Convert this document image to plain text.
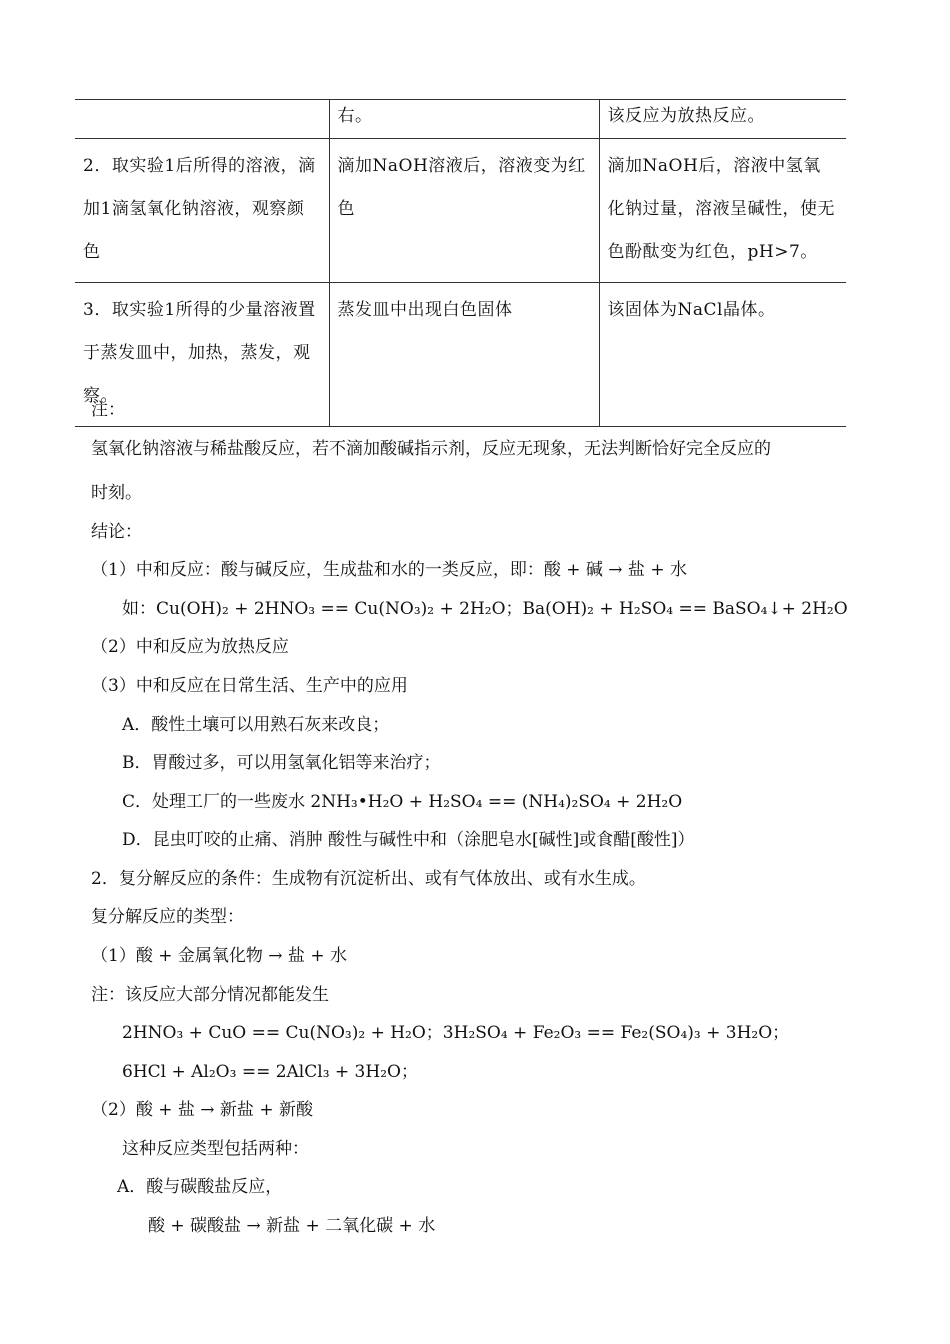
	右。	该反应为放热反应。
2．取实验1后所得的溶液，滴加1滴氢氧化钠溶液，观察颜色	滴加NaOH溶液后，溶液变为红色	滴加NaOH后，溶液中氢氧化钠过量，溶液呈碱性，使无色酚酞变为红色，pH>7。
3．取实验1所得的少量溶液置于蒸发皿中，加热，蒸发，观察。	蒸发皿中出现白色固体	该固体为NaCl晶体。
注：
氢氧化钠溶液与稀盐酸反应，若不滴加酸碱指示剂，反应无现象，无法判断恰好完全反应的
时刻。
结论：
（1）中和反应：酸与碱反应，生成盐和水的一类反应，即：酸 + 碱 → 盐 + 水
如：Cu(OH)₂ + 2HNO₃ == Cu(NO₃)₂ + 2H₂O；Ba(OH)₂ + H₂SO₄ == BaSO₄↓+ 2H₂O
（2）中和反应为放热反应
（3）中和反应在日常生活、生产中的应用
A．酸性土壤可以用熟石灰来改良；
B．胃酸过多，可以用氢氧化铝等来治疗；
C．处理工厂的一些废水 2NH₃•H₂O + H₂SO₄ == (NH₄)₂SO₄ + 2H₂O
D．昆虫叮咬的止痛、消肿 酸性与碱性中和（涂肥皂水[碱性]或食醋[酸性]）
2．复分解反应的条件：生成物有沉淀析出、或有气体放出、或有水生成。
复分解反应的类型：
（1）酸 + 金属氧化物 → 盐 + 水
注：该反应大部分情况都能发生
2HNO₃ + CuO == Cu(NO₃)₂ + H₂O；3H₂SO₄ + Fe₂O₃ == Fe₂(SO₄)₃ + 3H₂O；
6HCl + Al₂O₃ == 2AlCl₃ + 3H₂O；
（2）酸 + 盐 → 新盐 + 新酸
这种反应类型包括两种：
A．酸与碳酸盐反应，
酸 + 碳酸盐 → 新盐 + 二氧化碳 + 水
